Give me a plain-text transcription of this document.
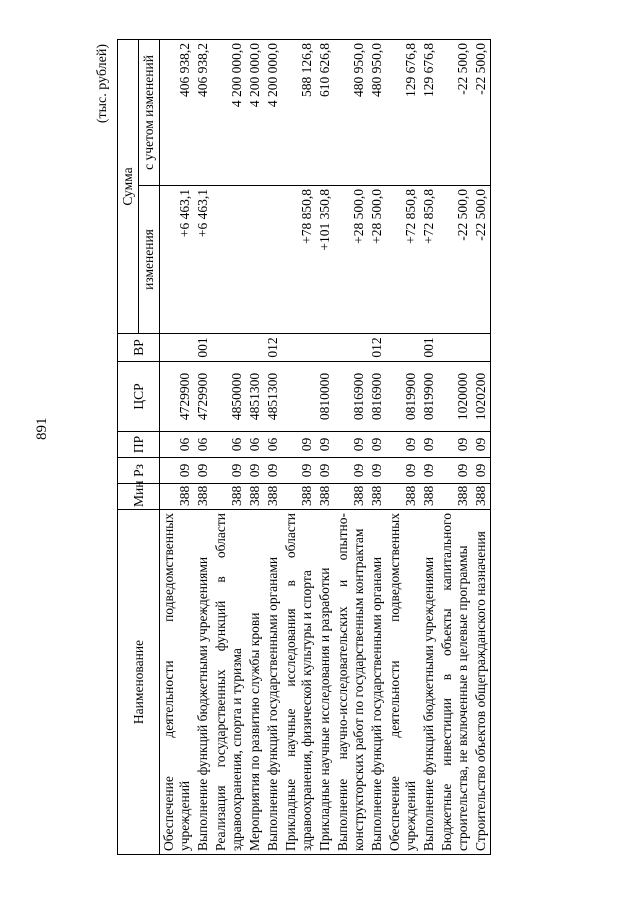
891
(тыс. рублей)
Наименование	Мин	Рз	ПР	ЦСР	ВР	Сумма	
						изменения	с учетом изменений
Обеспечение деятельности подведомственных учреждений	388	09	06	4729900		+6 463,1	406 938,2
Выполнение функций бюджетными учреждениями	388	09	06	4729900	001	+6 463,1	406 938,2
Реализация государственных функций в области здравоохранения, спорта и туризма	388	09	06	4850000			4 200 000,0
Мероприятия по развитию службы крови	388	09	06	4851300			4 200 000,0
Выполнение функций государственными органами	388	09	06	4851300	012		4 200 000,0
Прикладные научные исследования в области здравоохранения, физической культуры и спорта	388	09	09			+78 850,8	588 126,8
Прикладные научные исследования и разработки	388	09	09	0810000		+101 350,8	610 626,8
Выполнение научно-исследовательских и опытно-конструкторских работ по государственным контрактам	388	09	09	0816900		+28 500,0	480 950,0
Выполнение функций государственными органами	388	09	09	0816900	012	+28 500,0	480 950,0
Обеспечение деятельности подведомственных учреждений	388	09	09	0819900		+72 850,8	129 676,8
Выполнение функций бюджетными учреждениями	388	09	09	0819900	001	+72 850,8	129 676,8
Бюджетные инвестиции в объекты капитального строительства, не включенные в целевые программы	388	09	09	1020000		-22 500,0	-22 500,0
Строительство объектов общегражданского назначения	388	09	09	1020200		-22 500,0	-22 500,0
